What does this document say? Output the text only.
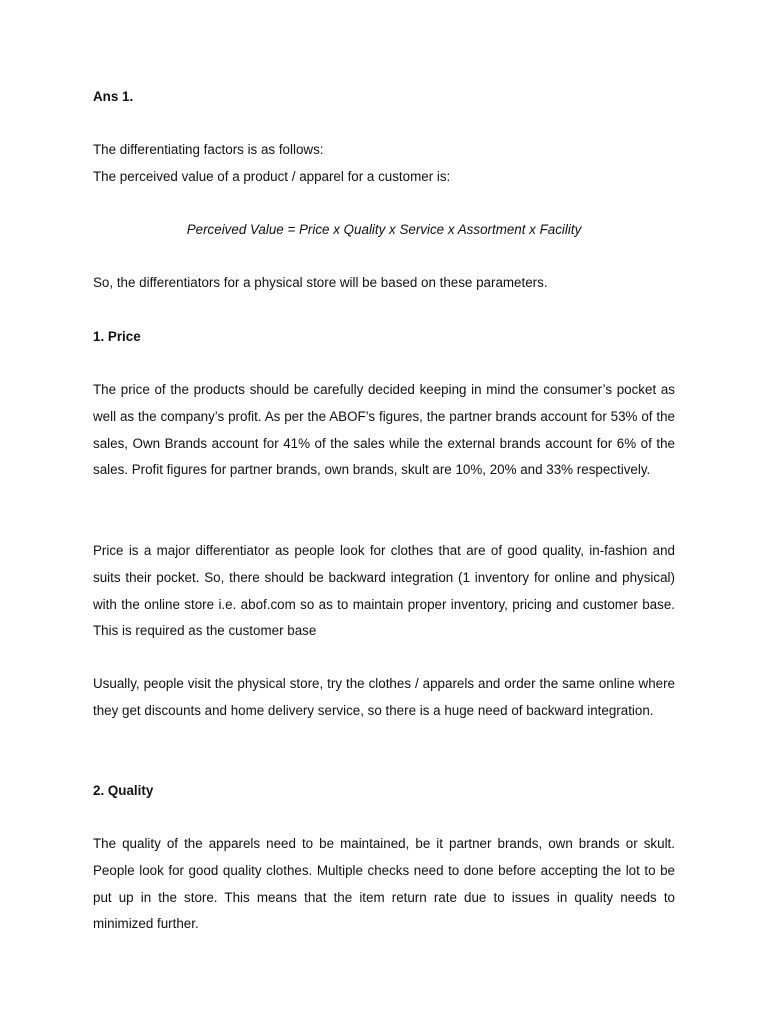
Ans 1.

The differentiating factors is as follows:

The perceived value of a product / apparel for a customer is:

Perceived Value = Price x Quality x Service x Assortment x Facility

So, the differentiators for a physical store will be based on these parameters.

1. Price

The price of the products should be carefully decided keeping in mind the consumer’s pocket as well as the company’s profit. As per the ABOF’s figures, the partner brands account for 53% of the sales, Own Brands account for 41% of the sales while the external brands account for 6% of the sales. Profit figures for partner brands, own brands, skult are 10%, 20% and 33% respectively.

Price is a major differentiator as people look for clothes that are of good quality, in-fashion and suits their pocket. So, there should be backward integration (1 inventory for online and physical) with the online store i.e. abof.com so as to maintain proper inventory, pricing and customer base. This is required as the customer base

Usually, people visit the physical store, try the clothes / apparels and order the same online where they get discounts and home delivery service, so there is a huge need of backward integration.

2. Quality

The quality of the apparels need to be maintained, be it partner brands, own brands or skult. People look for good quality clothes. Multiple checks need to done before accepting the lot to be put up in the store. This means that the item return rate due to issues in quality needs to minimized further.
